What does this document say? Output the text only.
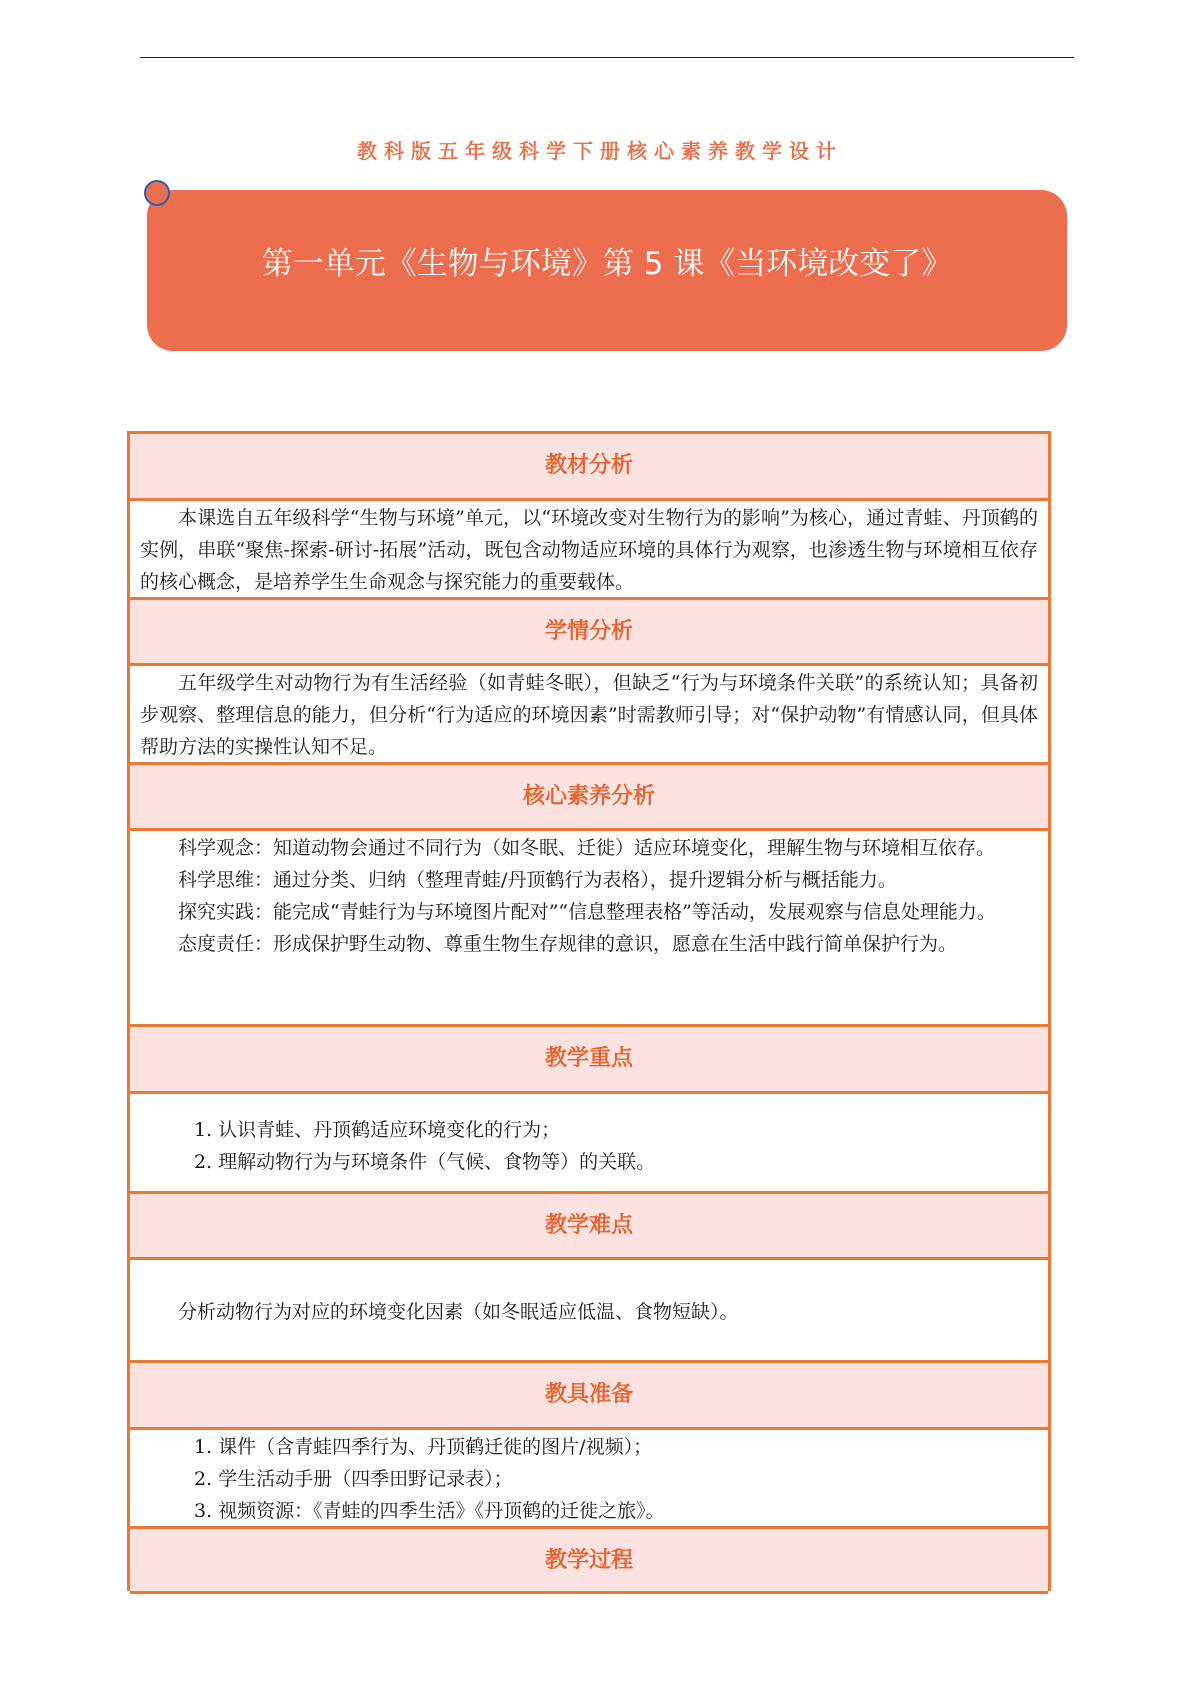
教科版五年级科学下册核心素养教学设计
第一单元《生物与环境》第 5 课《当环境改变了》
教材分析

本课选自五年级科学“生物与环境”单元，以“环境改变对生物行为的影响”为核心，通过青蛙、丹顶鹤的实例，串联“聚焦-探索-研讨-拓展”活动，既包含动物适应环境的具体行为观察，也渗透生物与环境相互依存的核心概念，是培养学生生命观念与探究能力的重要载体。

学情分析

五年级学生对动物行为有生活经验（如青蛙冬眠），但缺乏“行为与环境条件关联”的系统认知；具备初步观察、整理信息的能力，但分析“行为适应的环境因素”时需教师引导；对“保护动物”有情感认同，但具体帮助方法的实操性认知不足。

核心素养分析

科学观念：知道动物会通过不同行为（如冬眠、迁徙）适应环境变化，理解生物与环境相互依存。

科学思维：通过分类、归纳（整理青蛙/丹顶鹤行为表格），提升逻辑分析与概括能力。

探究实践：能完成“青蛙行为与环境图片配对”“信息整理表格”等活动，发展观察与信息处理能力。

态度责任：形成保护野生动物、尊重生物生存规律的意识，愿意在生活中践行简单保护行为。

教学重点

1. 认识青蛙、丹顶鹤适应环境变化的行为；

2. 理解动物行为与环境条件（气候、食物等）的关联。

教学难点

分析动物行为对应的环境变化因素（如冬眠适应低温、食物短缺）。

教具准备

1. 课件（含青蛙四季行为、丹顶鹤迁徙的图片/视频）；

2. 学生活动手册（四季田野记录表）；

3. 视频资源：《青蛙的四季生活》《丹顶鹤的迁徙之旅》。

教学过程
